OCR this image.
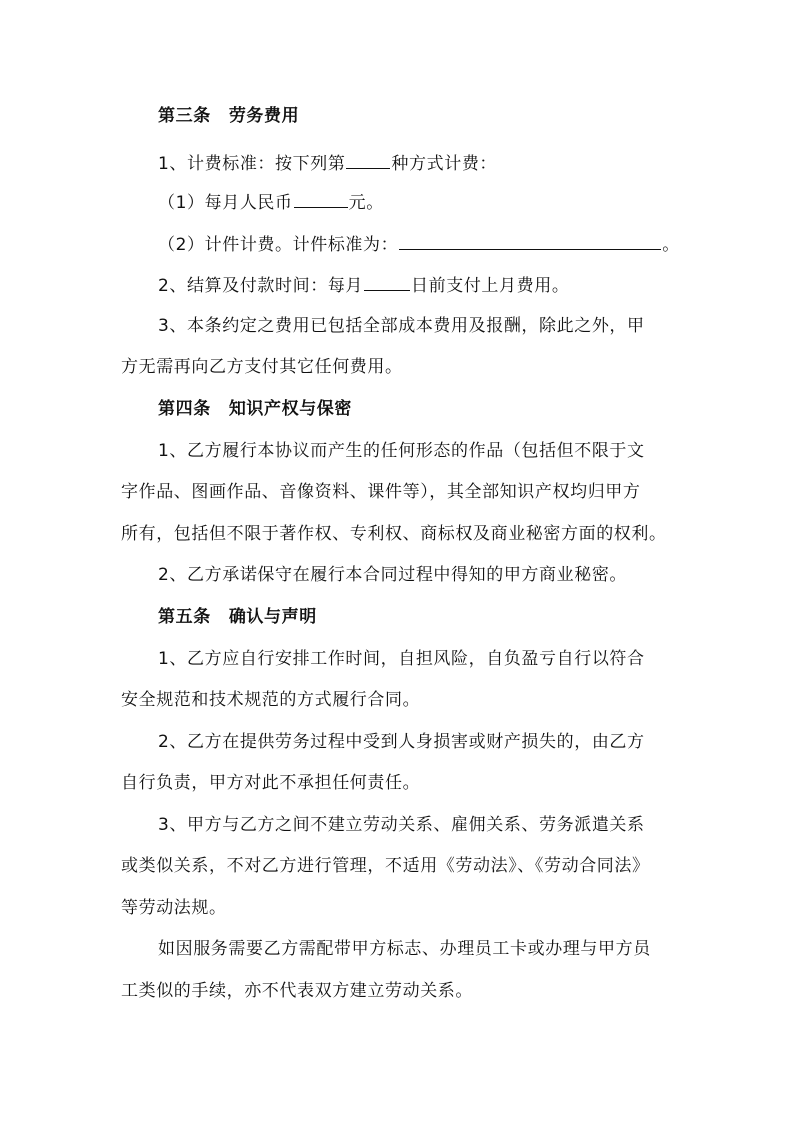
第三条 劳务费用
1、计费标准：按下列第	种方式计费：
（1）每月人民币	元。
（2）计件计费。计件标准为：	。
2、结算及付款时间：每月	日前支付上月费用。
3、本条约定之费用已包括全部成本费用及报酬，除此之外，甲
方无需再向乙方支付其它任何费用。
第四条 知识产权与保密
1、乙方履行本协议而产生的任何形态的作品（包括但不限于文
字作品、图画作品、音像资料、课件等），其全部知识产权均归甲方
所有，包括但不限于著作权、专利权、商标权及商业秘密方面的权利。
2、乙方承诺保守在履行本合同过程中得知的甲方商业秘密。
第五条 确认与声明
1、乙方应自行安排工作时间，自担风险，自负盈亏自行以符合
安全规范和技术规范的方式履行合同。
2、乙方在提供劳务过程中受到人身损害或财产损失的，由乙方
自行负责，甲方对此不承担任何责任。
3、甲方与乙方之间不建立劳动关系、雇佣关系、劳务派遣关系
或类似关系，不对乙方进行管理，不适用《劳动法》、《劳动合同法》
等劳动法规。
如因服务需要乙方需配带甲方标志、办理员工卡或办理与甲方员
工类似的手续，亦不代表双方建立劳动关系。
